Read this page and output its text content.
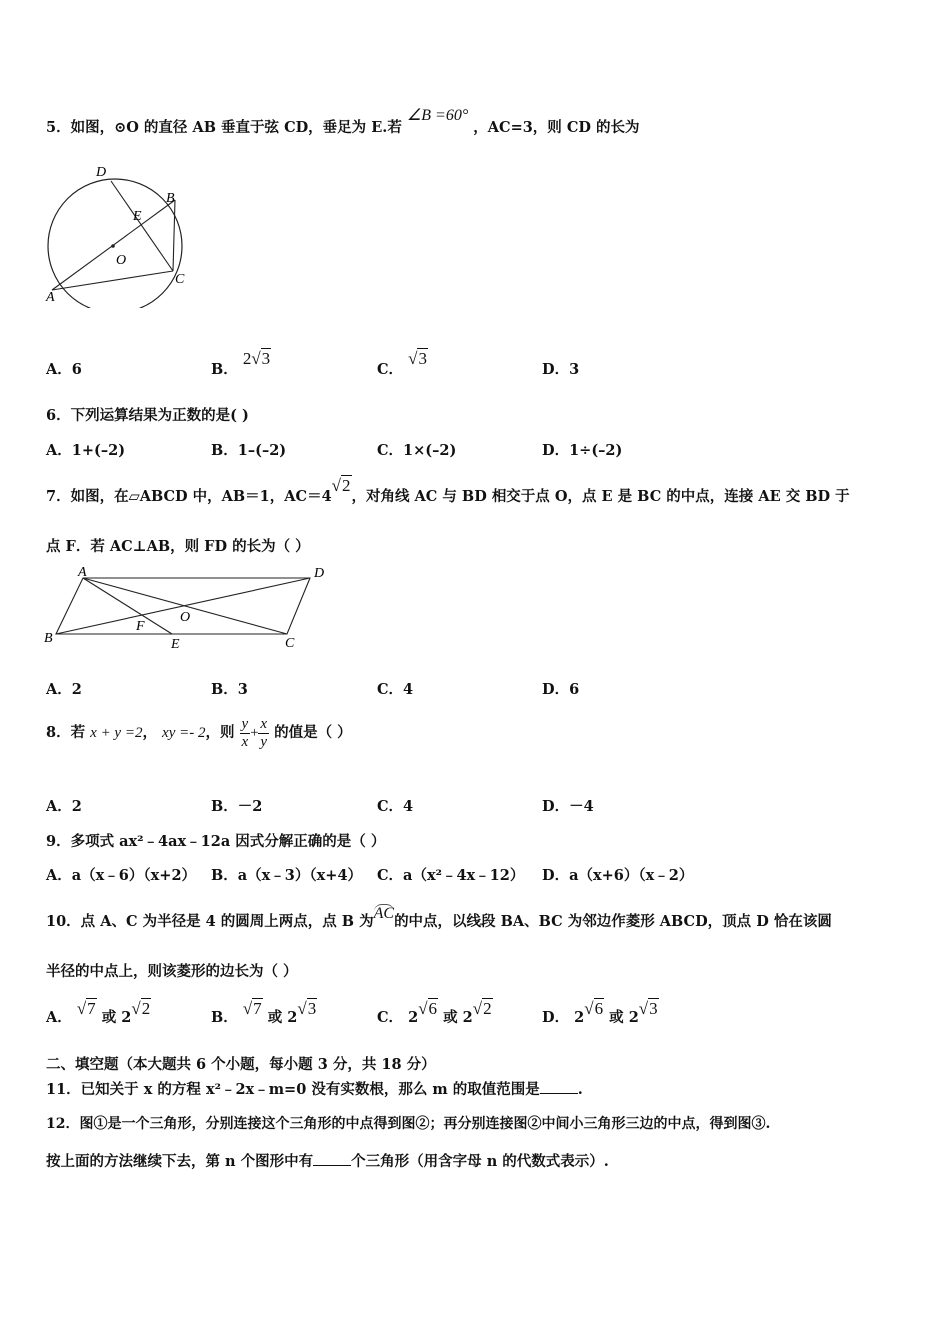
5．如图，⊙O 的直径 AB 垂直于弦 CD，垂足为 E.若 ∠B =60° ，AC=3，则 CD 的长为
D
B
E
O
C
A
A．6	B． 2√3
C． √3
D．3
6．下列运算结果为正数的是( )
A．1+(–2)	B．1–(–2)	C．1×(–2)	D．1÷(–2)
7．如图，在▱ABCD 中，AB＝1，AC＝4√2，对角线 AC 与 BD 相交于点 O，点 E 是 BC 的中点，连接 AE 交 BD 于
点 F．若 AC⊥AB，则 FD 的长为（ ）
A	D
B
F
O
E	C
A．2	B．3	C．4	D．6
8．若 x + y =2， xy =- 2，则 $\frac{y}{x} + \frac{x}{y}$ 的值是（ ）
A．2	B．－2	C．4	D．－4
9．多项式 ax²﹣4ax﹣12a 因式分解正确的是（ ）
A．a（x﹣6）（x+2） B．a（x﹣3）（x+4） C．a（x²﹣4x﹣12） D．a（x+6）（x﹣2）
10．点 A、C 为半径是 4 的圆周上两点，点 B 为AC的中点，以线段 BA、BC 为邻边作菱形 ABCD，顶点 D 恰在该圆
半径的中点上，则该菱形的边长为（ ）
A． √7 或 2√2	B． √7 或 2√3	C． 2√6 或 2√2	D． 2√6 或 2√3
二、填空题（本大题共 6 个小题，每小题 3 分，共 18 分）
11．已知关于 x 的方程 x²﹣2x﹣m=0 没有实数根，那么 m 的取值范围是	.
12．图①是一个三角形，分别连接这个三角形的中点得到图②；再分别连接图②中间小三角形三边的中点，得到图③.
按上面的方法继续下去，第 n 个图形中有	个三角形（用含字母 n 的代数式表示）.
